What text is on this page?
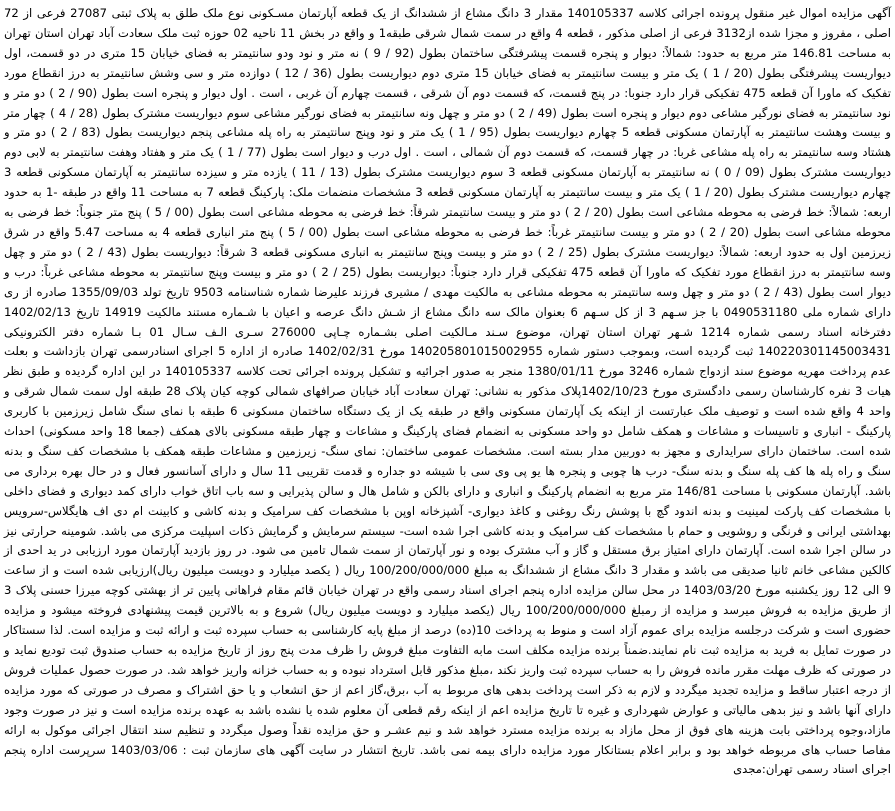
آگهی مزایده اموال غیر منقول پرونده اجرائی کلاسه 140105337 مقدار 3 دانگ مشاع از ششدانگ از یک قطعه آپارتمان مسـکونی نوع ملک طلق به پلاک ثبتی 27087 فرعی از 72 اصلی ، مفروز و مجزا شده از3132 فرعی از اصلی مذکور ، قطعه 4 واقع در سمت شمال شرقی طبقه1 و واقع در بخش 11 ناحیه 02 حوزه ثبت ملک سعادت آباد تهران استان تهران به مساحت 146.81 متر مربع به حدود: شمالاً: دیوار و پنجره قسمت پیشرفتگی ساختمان بطول (92 / 9 ) نه متر و نود ودو سانتیمتر به فضای خیابان 15 متری در دو قسمت، اول دیواریست پیشرفتگی بطول (20 / 1 ) یک متر و بیست سانتیمتر به فضای خیابان 15 متری دوم دیواریست بطول (36 / 12 ) دوازده متر و سی وشش سانتیمتر به درز انقطاع مورد تفکیک که ماورا آن قطعه 475 تفکیکی قرار دارد جنوبا: در پنج قسمت، که قسمت دوم آن شرقی ، قسمت چهارم آن غربی ، است . اول دیوار و پنجره است بطول (90 / 2 ) دو متر و نود سانتیمتر به فضای نورگیر مشاعی دوم دیوار و پنجره است بطول (49 / 2 ) دو متر و چهل ونه سانتیمتر به فضای نورگیر مشاعی سوم دیواریست مشترک بطول (28 / 4 ) چهار متر و بیست وهشت سانتیمتر به آپارتمان مسکونی قطعه 5 چهارم دیواریست بطول (95 / 1 ) یک متر و نود وپنج سانتیمتر به راه پله مشاعی پنجم دیواریست بطول (83 / 2 ) دو متر و هشتاد وسه سانتیمتر به راه پله مشاعی غربا: در چهار قسمت، که قسمت دوم آن شمالی ، است . اول درب و دیوار است بطول (77 / 1 ) یک متر و هفتاد وهفت سانتیمتر به لابی دوم دیواریست مشترک بطول (09 / 0 ) نه سانتیمتر به آپارتمان مسکونی قطعه 3 سوم دیواریست مشترک بطول (13 / 11 ) یازده متر و سیزده سانتیمتر به آپارتمان مسکونی قطعه 3 چهارم دیواریست مشترک بطول (20 / 1 ) یک متر و بیست سانتیمتر به آپارتمان مسکونی قطعه 3 مشخصات منضمات ملک: پارکینگ قطعه 7 به مساحت 11 واقع در طبقه -1 به حدود اربعه: شمالاً: خط فرضی به محوطه مشاعی است بطول (20 / 2 ) دو متر و بیست سانتیمتر شرقاً: خط فرضی به محوطه مشاعی است بطول (00 / 5 ) پنج متر جنوباً: خط فرضی به محوطه مشاعی است بطول (20 / 2 ) دو متر و بیست سانتیمتر غرباً: خط فرضی به محوطه مشاعی است بطول (00 / 5 ) پنج متر انباری قطعه 4 به مساحت 5.47 واقع در شرق زیرزمین اول به حدود اربعه: شمالاً: دیواریست مشترک بطول (25 / 2 ) دو متر و بیست وپنج سانتیمتر به انباری مسکونی قطعه 3 شرقاً: دیواریست بطول (43 / 2 ) دو متر و چهل وسه سانتیمتر به درز انقطاع مورد تفکیک که ماورا آن قطعه 475 تفکیکی قرار دارد جنوباً: دیواریست بطول (25 / 2 ) دو متر و بیست وپنج سانتیمتر به محوطه مشاعی غرباً: درب و دیوار است بطول (43 / 2 ) دو متر و چهل وسه سانتیمتر به محوطه مشاعی به مالکیت مهدی / مشیری فرزند علیرضا شماره شناسنامه 9503 تاریخ تولد 1355/09/03 صادره از ری دارای شماره ملی 0490531180 با جز سـهم 3 از کل سـهم 6 بعنوان مالک سه دانگ مشاع از شـش دانگ عرصه و اعیان با شـماره مستند مالکیت 14919 تاریخ 1402/02/13 دفترخانه اسناد رسمی شماره 1214 شـهر تهران استان تهران، موضوع سـند مـالکیت اصلی بشـماره چـاپی 276000 سـری الـف سـال 01 بـا شماره دفتر الکترونیکی 140220301145003431 ثبت گردیده است، وبموجب دستور شماره 140205801015002955 مورخ 1402/02/31 صادره از اداره 5 اجرای اسنادرسمی تهران بازداشت و بعلت عدم پرداخت مهریه موضوع سند ازدواج شماره 3246 مورخ 1380/01/11 منجر به صدور اجرائیه و تشکیل پرونده اجرائی تحت کلاسه 140105337 در این اداره گردیده و طبق نظر هیات 3 نفره کارشناسان رسمی دادگستری مورخ 1402/10/23پلاک مذکور به نشانی: تهران سعادت آباد خیابان صرافهای شمالی کوچه کیان پلاک 28 طبقه اول سمت شمال شرقی و واحد 4 واقع شده است و توصیف ملک عبارتست از اینکه یک آپارتمان مسکونی واقع در طبقه یک از یک دستگاه ساختمان مسکونی 6 طبقه با نمای سنگ شامل زیرزمین با کاربری پارکینگ - انباری و تاسیسات و مشاعات و همکف شامل دو واحد مسکونی به انضمام فضای پارکینگ و مشاعات و چهار طبقه مسکونی بالای همکف (جمعا 18 واحد مسکونی) احداث شده است. ساختمان دارای سرایداری و مجهز به دوربین مدار بسته است. مشخصات عمومی ساختمان: نمای سنگ- زیرزمین و مشاعات طبقه همکف با مشخصات کف سنگ و بدنه سنگ و راه پله ها کف پله سنگ و بدنه سنگ- درب ها چوبی و پنجره ها یو پی وی سی با شیشه دو جداره و قدمت تقریبی 11 سال و دارای آسانسور فعال و در حال بهره برداری می باشد. آپارتمان مسکونی با مساحت 146/81 متر مربع به انضمام پارکینگ و انباری و دارای بالکن و شامل هال و سالن پذیرایی و سه باب اتاق خواب دارای کمد دیواری و فضای داخلی با مشخصات کف پارکت لمینیت و بدنه اندود گچ با پوشش رنگ روغنی و کاغذ دیواری- آشپزخانه اوپن با مشخصات کف سرامیک و بدنه کاشی و کابینت ام دی اف هایگلاس-سرویس بهداشتی ایرانی و فرنگی و روشویی و حمام با مشخصات کف سرامیک و بدنه کاشی اجرا شده است- سیستم سرمایش و گرمایش ذکات اسپلیت مرکزی می باشد. شومینه حرارتی نیز در سالن اجرا شده است. آپارتمان دارای امتیاز برق مستقل و گاز و آب مشترک بوده و نور آپارتمان از سمت شمال تامین می شود. در روز بازدید آپارتمان مورد ارزیابی در ید احدی از کالکین مشاعی خانم ثانیا صدیقی می باشد و مقدار 3 دانگ مشاع از ششدانگ به مبلغ 100/200/000/000 ریال ( یکصد میلیارد و دویست میلیون ریال)ارزیابی شده است و از ساعت 9 الی 12 روز یکشنبه مورخ 1403/03/20 در محل سالن مزایده اداره پنجم اجرای اسناد رسمی واقع در تهران خیابان قائم مقام فراهانی پایین تر از بهشتی کوچه میرزا حسنی پلاک 3 از طریق مزایده به فروش میرسد و مزایده از رمبلغ 100/200/000/000 ریال (یکصد میلیارد و دویست میلیون ریال) شروع و به بالاترین قیمت پیشنهادی فروخته میشود و مزایده حضوری است و شرکت درجلسه مزایده برای عموم آزاد است و منوط به پرداخت 10(ده) درصد از مبلغ پایه کارشناسی به حساب سپرده ثبت و ارائه ثبت و مزایده است. لذا سستاکار در صورت تمایل به فرید به مزایده ثبت نام نمایند.ضمناً برنده مزایده مکلف است مابه التفاوت مبلغ فروش را ظرف مدت پنج روز از تاریخ مزایده به حساب صندوق ثبت تودیع نماید و در صورتی که ظرف مهلت مقرر مانده فروش را به حساب سپرده ثبت واریز نکند ،مبلغ مذکور قابل استرداد نبوده و به حساب خزانه واریز خواهد شد. در صورت حصول عملیات فروش از درجه اعتبار ساقط و مزایده تجدید میگردد و لازم به ذکر است پرداخت بدهی های مربوط به آب ،برق،گاز اعم از حق انشعاب و یا حق اشتراک و مصرف در صورتی که مورد مزایده دارای آنها باشد و نیز بدهی مالیاتی و عوارض شهرداری و غیره تا تاریخ مزایده اعم از اینکه رقم قطعی آن معلوم شده یا نشده باشد به عهده برنده مزایده است و نیز در صورت وجود مازاد،وجوه پرداختی بابت هزینه های فوق از محل مازاد به برنده مزایده مسترد خواهد شد و نیم عشـر و حق مزایده نقداً وصول میگردد و تنظیم سند انتقال اجرائی موکول به ارائه مفاصا حساب های مربوطه خواهد بود و برابر اعلام بستانکار مورد مزایده دارای بیمه نمی باشد. تاریخ انتشار در سایت آگهی های سازمان ثبت : 1403/03/06 سرپرست اداره پنجم اجرای اسناد رسمی تهران:مجدی
